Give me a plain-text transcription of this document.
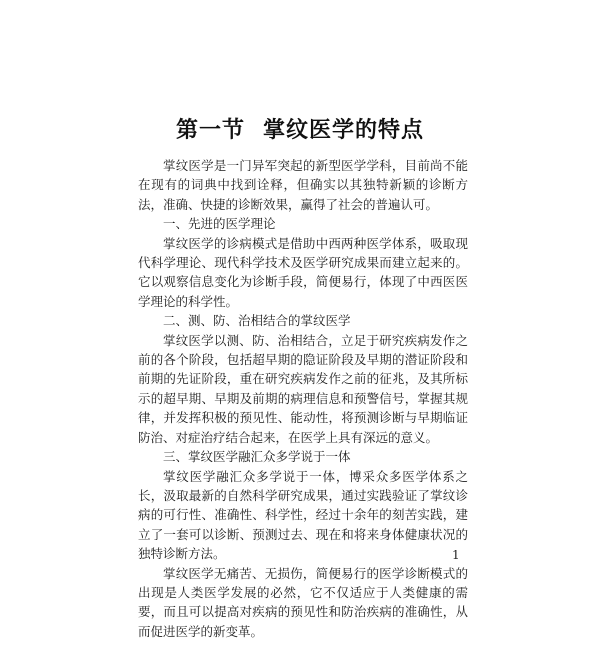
第一节 掌纹医学的特点

掌纹医学是一门异军突起的新型医学学科，目前尚不能在现有的词典中找到诠释，但确实以其独特新颖的诊断方法，准确、快捷的诊断效果，赢得了社会的普遍认可。

一、先进的医学理论

掌纹医学的诊病模式是借助中西两种医学体系，吸取现代科学理论、现代科学技术及医学研究成果而建立起来的。它以观察信息变化为诊断手段，简便易行，体现了中西医医学理论的科学性。

二、测、防、治相结合的掌纹医学

掌纹医学以测、防、治相结合，立足于研究疾病发作之前的各个阶段，包括超早期的隐证阶段及早期的潜证阶段和前期的先证阶段，重在研究疾病发作之前的征兆，及其所标示的超早期、早期及前期的病理信息和预警信号，掌握其规律，并发挥积极的预见性、能动性，将预测诊断与早期临证防治、对症治疗结合起来，在医学上具有深远的意义。

三、掌纹医学融汇众多学说于一体

掌纹医学融汇众多学说于一体，博采众多医学体系之长，汲取最新的自然科学研究成果，通过实践验证了掌纹诊病的可行性、准确性、科学性，经过十余年的刻苦实践，建立了一套可以诊断、预测过去、现在和将来身体健康状况的独特诊断方法。

掌纹医学无痛苦、无损伤，简便易行的医学诊断模式的出现是人类医学发展的必然，它不仅适应于人类健康的需要，而且可以提高对疾病的预见性和防治疾病的准确性，从而促进医学的新变革。

1
